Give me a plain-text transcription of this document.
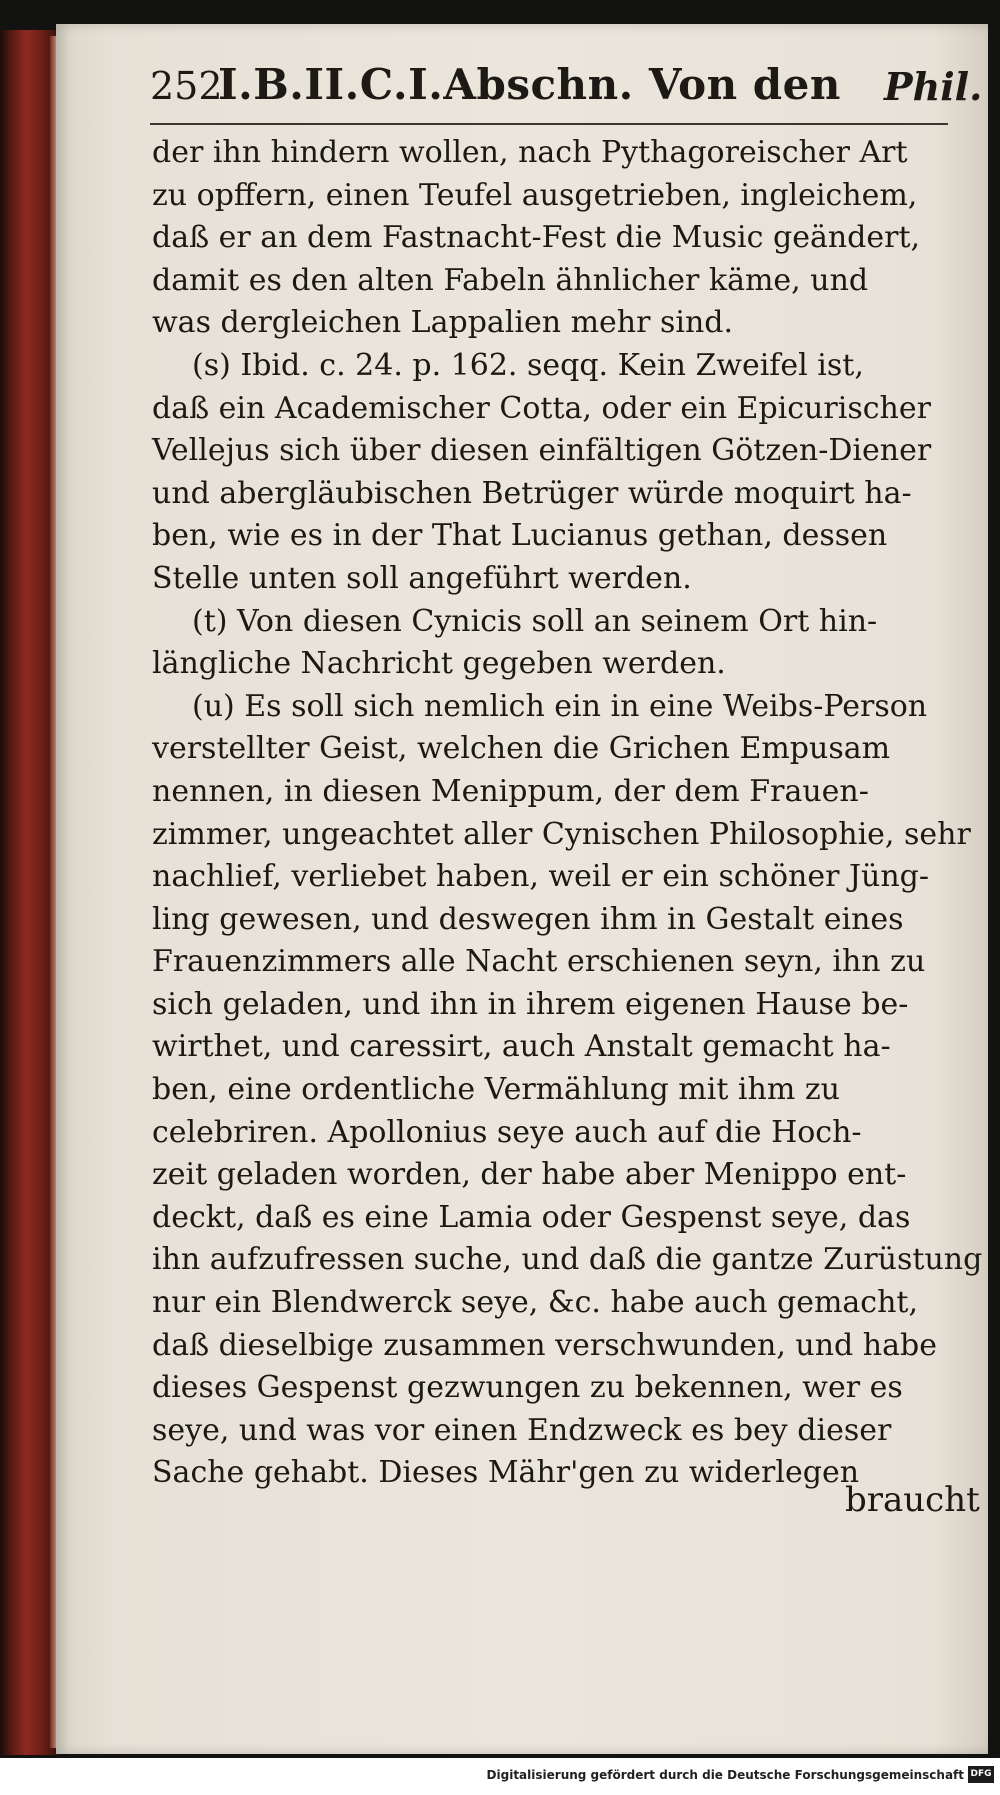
252
I.B.II.C.I.Abschn. Von den Phil.
der ihn hindern wollen, nach Pythagoreischer Art
zu opffern, einen Teufel ausgetrieben, ingleichem,
daß er an dem Fastnacht-Fest die Music geändert,
damit es den alten Fabeln ähnlicher käme, und
was dergleichen Lappalien mehr sind.
(s) Ibid. c. 24. p. 162. seqq. Kein Zweifel ist,
daß ein Academischer Cotta, oder ein Epicurischer
Vellejus sich über diesen einfältigen Götzen-Diener
und abergläubischen Betrüger würde moquirt ha-
ben, wie es in der That Lucianus gethan, dessen
Stelle unten soll angeführt werden.
(t) Von diesen Cynicis soll an seinem Ort hin-
längliche Nachricht gegeben werden.
(u) Es soll sich nemlich ein in eine Weibs-Person
verstellter Geist, welchen die Grichen Empusam
nennen, in diesen Menippum, der dem Frauen-
zimmer, ungeachtet aller Cynischen Philosophie, sehr
nachlief, verliebet haben, weil er ein schöner Jüng-
ling gewesen, und deswegen ihm in Gestalt eines
Frauenzimmers alle Nacht erschienen seyn, ihn zu
sich geladen, und ihn in ihrem eigenen Hause be-
wirthet, und caressirt, auch Anstalt gemacht ha-
ben, eine ordentliche Vermählung mit ihm zu
celebriren. Apollonius seye auch auf die Hoch-
zeit geladen worden, der habe aber Menippo ent-
deckt, daß es eine Lamia oder Gespenst seye, das
ihn aufzufressen suche, und daß die gantze Zurüstung
nur ein Blendwerck seye, &c. habe auch gemacht,
daß dieselbige zusammen verschwunden, und habe
dieses Gespenst gezwungen zu bekennen, wer es
seye, und was vor einen Endzweck es bey dieser
Sache gehabt. Dieses Mähr'gen zu widerlegen
braucht
Digitalisierung gefördert durch die Deutsche Forschungsgemeinschaft DFG
